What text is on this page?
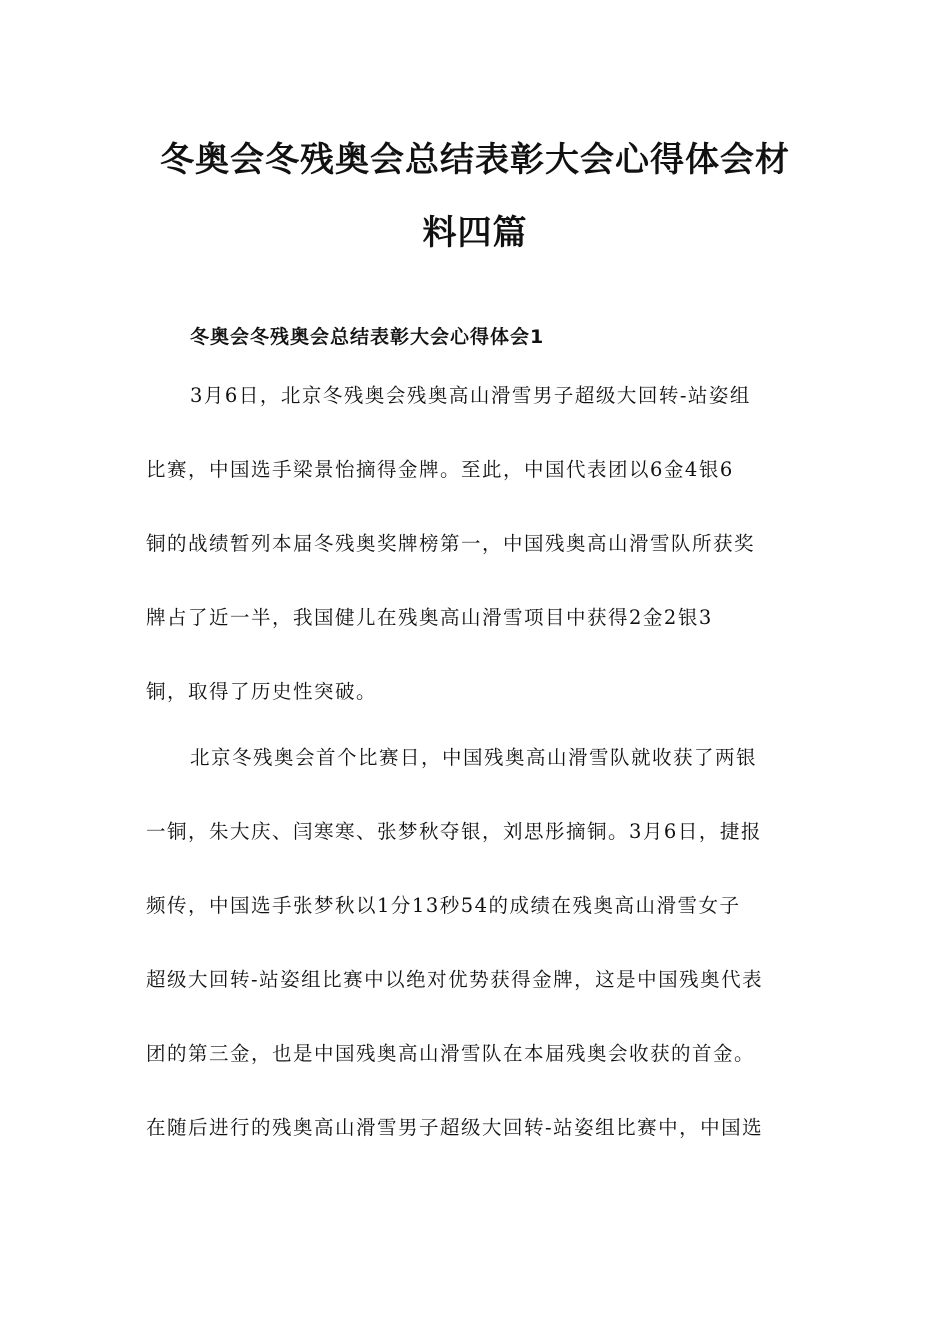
冬奥会冬残奥会总结表彰大会心得体会材
料四篇
冬奥会冬残奥会总结表彰大会心得体会1
3月6日，北京冬残奥会残奥高山滑雪男子超级大回转-站姿组
比赛，中国选手梁景怡摘得金牌。至此，中国代表团以6金4银6
铜的战绩暂列本届冬残奥奖牌榜第一，中国残奥高山滑雪队所获奖
牌占了近一半，我国健儿在残奥高山滑雪项目中获得2金2银3
铜，取得了历史性突破。
北京冬残奥会首个比赛日，中国残奥高山滑雪队就收获了两银
一铜，朱大庆、闫寒寒、张梦秋夺银，刘思彤摘铜。3月6日，捷报
频传，中国选手张梦秋以1分13秒54的成绩在残奥高山滑雪女子
超级大回转-站姿组比赛中以绝对优势获得金牌，这是中国残奥代表
团的第三金，也是中国残奥高山滑雪队在本届残奥会收获的首金。
在随后进行的残奥高山滑雪男子超级大回转-站姿组比赛中，中国选
